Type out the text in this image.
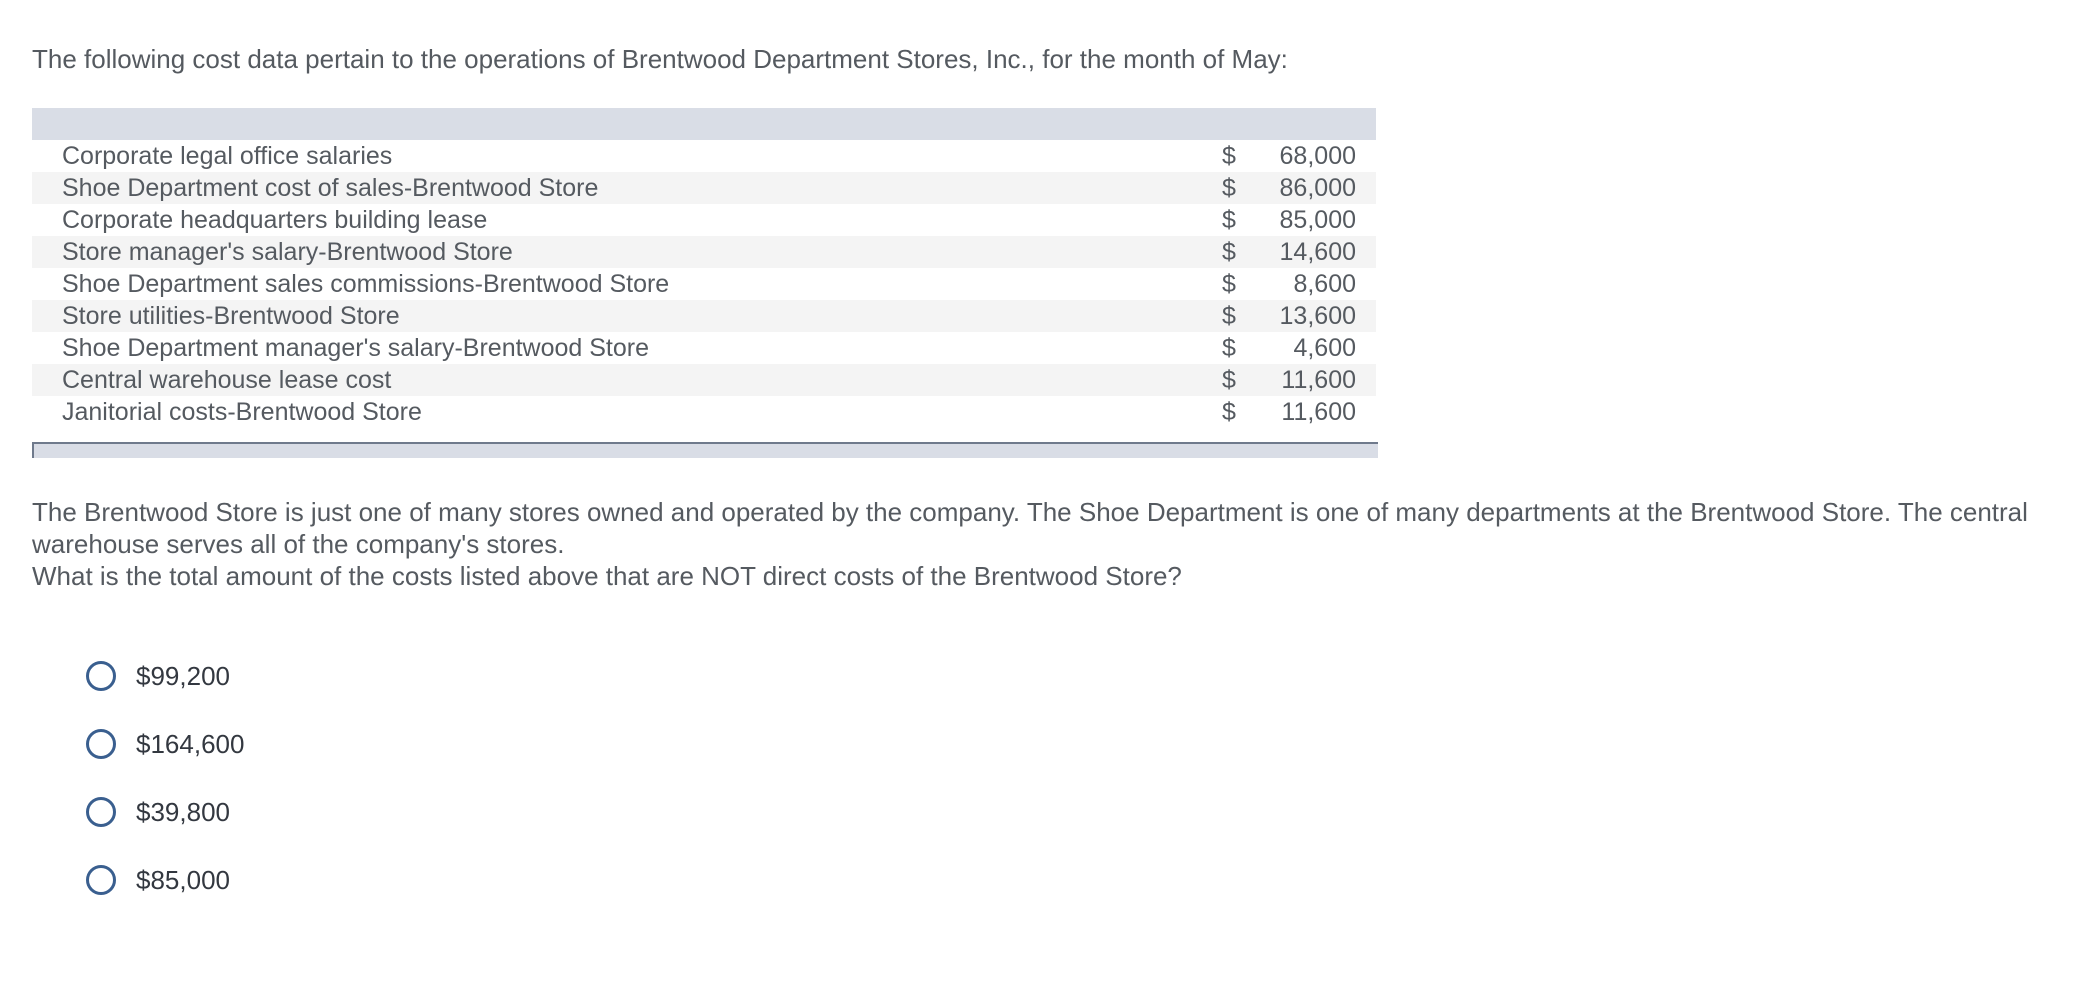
The following cost data pertain to the operations of Brentwood Department Stores, Inc., for the month of May:

Corporate legal office salaries	$	68,000
Shoe Department cost of sales-Brentwood Store	$	86,000
Corporate headquarters building lease	$	85,000
Store manager's salary-Brentwood Store	$	14,600
Shoe Department sales commissions-Brentwood Store	$	8,600
Store utilities-Brentwood Store	$	13,600
Shoe Department manager's salary-Brentwood Store	$	4,600
Central warehouse lease cost	$	11,600
Janitorial costs-Brentwood Store	$	11,600

The Brentwood Store is just one of many stores owned and operated by the company. The Shoe Department is one of many departments at the Brentwood Store. The central warehouse serves all of the company's stores.

What is the total amount of the costs listed above that are NOT direct costs of the Brentwood Store?

$99,200
$164,600
$39,800
$85,000
